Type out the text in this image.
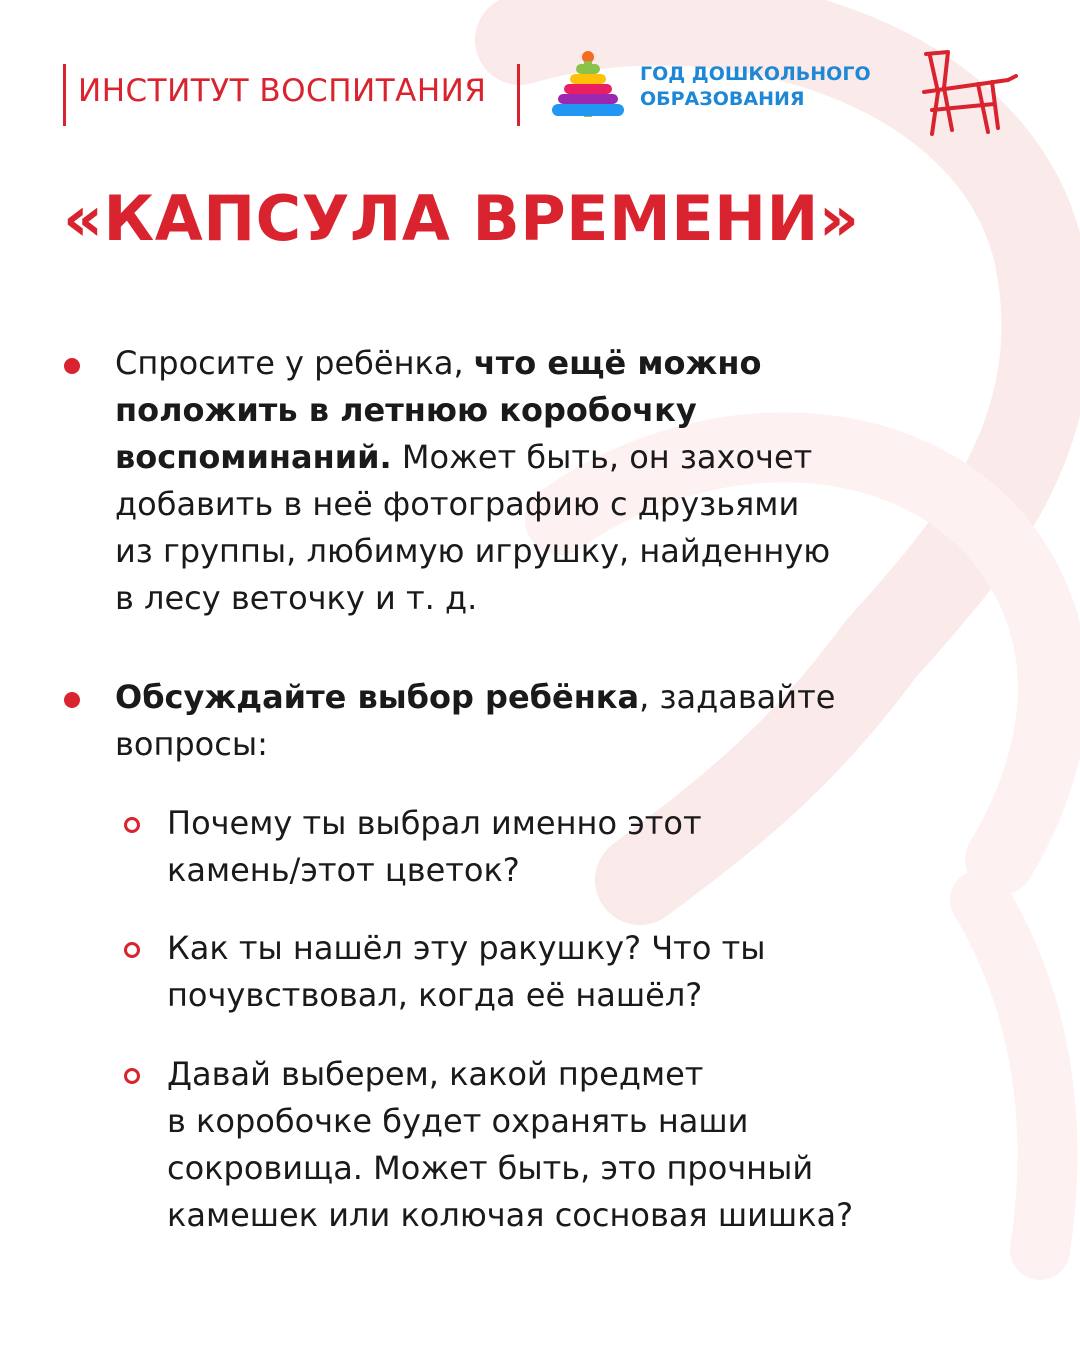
ИНСТИТУТ ВОСПИТАНИЯ	ГОД ДОШКОЛЬНОГО
ОБРАЗОВАНИЯ
«КАПСУЛА ВРЕМЕНИ»

Спросите у ребёнка, что ещё можно
положить в летнюю коробочку
воспоминаний. Может быть, он захочет
добавить в неё фотографию с друзьями
из группы, любимую игрушку, найденную
в лесу веточку и т. д.

Обсуждайте выбор ребёнка, задавайте
вопросы:

Почему ты выбрал именно этот
камень/этот цветок?

Как ты нашёл эту ракушку? Что ты
почувствовал, когда её нашёл?

Давай выберем, какой предмет
в коробочке будет охранять наши
сокровища. Может быть, это прочный
камешек или колючая сосновая шишка?
